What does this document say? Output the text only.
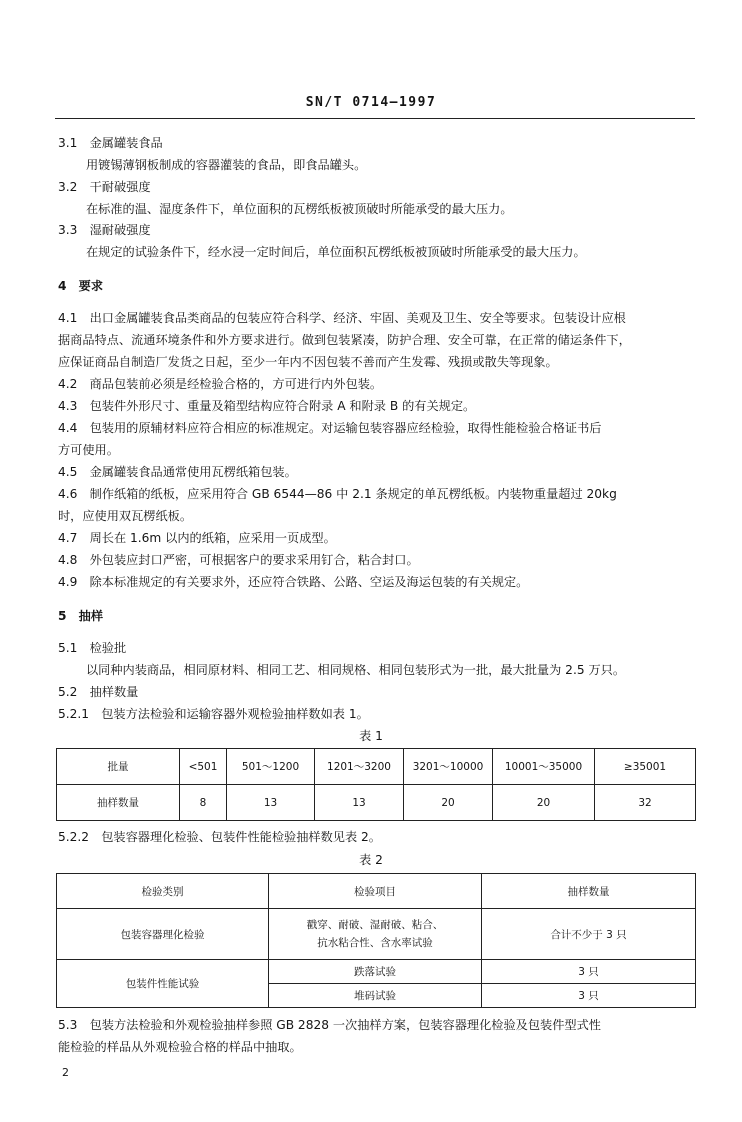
SN/T 0714—1997
3.1　金属罐装食品
用镀锡薄钢板制成的容器灌装的食品，即食品罐头。
3.2　干耐破强度
在标准的温、湿度条件下，单位面积的瓦楞纸板被顶破时所能承受的最大压力。
3.3　湿耐破强度
在规定的试验条件下，经水浸一定时间后，单位面积瓦楞纸板被顶破时所能承受的最大压力。
4　要求
4.1　出口金属罐装食品类商品的包装应符合科学、经济、牢固、美观及卫生、安全等要求。包装设计应根
据商品特点、流通环境条件和外方要求进行。做到包装紧凑，防护合理、安全可靠，在正常的储运条件下，
应保证商品自制造厂发货之日起，至少一年内不因包装不善而产生发霉、残损或散失等现象。
4.2　商品包装前必须是经检验合格的，方可进行内外包装。
4.3　包装件外形尺寸、重量及箱型结构应符合附录 A 和附录 B 的有关规定。
4.4　包装用的原辅材料应符合相应的标准规定。对运输包装容器应经检验，取得性能检验合格证书后
方可使用。
4.5　金属罐装食品通常使用瓦楞纸箱包装。
4.6　制作纸箱的纸板，应采用符合 GB 6544—86 中 2.1 条规定的单瓦楞纸板。内装物重量超过 20kg
时，应使用双瓦楞纸板。
4.7　周长在 1.6m 以内的纸箱，应采用一页成型。
4.8　外包装应封口严密，可根据客户的要求采用钉合，粘合封口。
4.9　除本标准规定的有关要求外，还应符合铁路、公路、空运及海运包装的有关规定。
5　抽样
5.1　检验批
以同种内装商品，相同原材料、相同工艺、相同规格、相同包装形式为一批，最大批量为 2.5 万只。
5.2　抽样数量
5.2.1　包装方法检验和运输容器外观检验抽样数如表 1。
表 1
批量	<501	501～1200	1201～3200	3201～10000	10001～35000	≥35001
抽样数量	8	13	13	20	20	32
5.2.2　包装容器理化检验、包装件性能检验抽样数见表 2。
表 2
检验类别	检验项目	抽样数量
包装容器理化检验	戳穿、耐破、湿耐破、粘合、
抗水粘合性、含水率试验	合计不少于 3 只
包装件性能试验	跌落试验	3 只
	堆码试验	3 只
5.3　包装方法检验和外观检验抽样参照 GB 2828 一次抽样方案，包装容器理化检验及包装件型式性
能检验的样品从外观检验合格的样品中抽取。
2
